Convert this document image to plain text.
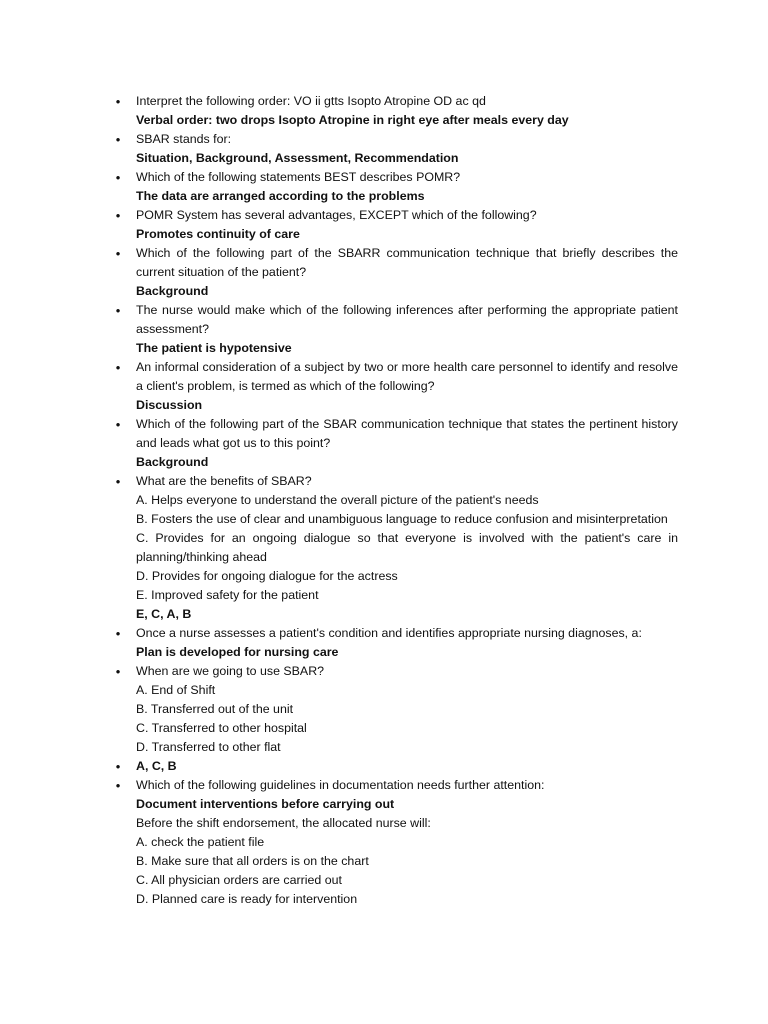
• Interpret the following order: VO ii gtts Isopto Atropine OD ac qd
Verbal order: two drops Isopto Atropine in right eye after meals every day
• SBAR stands for:
Situation, Background, Assessment, Recommendation
• Which of the following statements BEST describes POMR?
The data are arranged according to the problems
• POMR System has several advantages, EXCEPT which of the following?
Promotes continuity of care
• Which of the following part of the SBARR communication technique that briefly describes the current situation of the patient?
Background
• The nurse would make which of the following inferences after performing the appropriate patient assessment?
The patient is hypotensive
• An informal consideration of a subject by two or more health care personnel to identify and resolve a client's problem, is termed as which of the following?
Discussion
• Which of the following part of the SBAR communication technique that states the pertinent history and leads what got us to this point?
Background
• What are the benefits of SBAR?
A. Helps everyone to understand the overall picture of the patient's needs
B. Fosters the use of clear and unambiguous language to reduce confusion and misinterpretation
C. Provides for an ongoing dialogue so that everyone is involved with the patient's care in planning/thinking ahead
D. Provides for ongoing dialogue for the actress
E. Improved safety for the patient
E, C, A, B
• Once a nurse assesses a patient's condition and identifies appropriate nursing diagnoses, a:
Plan is developed for nursing care
• When are we going to use SBAR?
A. End of Shift
B. Transferred out of the unit
C. Transferred to other hospital
D. Transferred to other flat
• A, C, B
• Which of the following guidelines in documentation needs further attention:
Document interventions before carrying out
Before the shift endorsement, the allocated nurse will:
A. check the patient file
B. Make sure that all orders is on the chart
C. All physician orders are carried out
D. Planned care is ready for intervention
